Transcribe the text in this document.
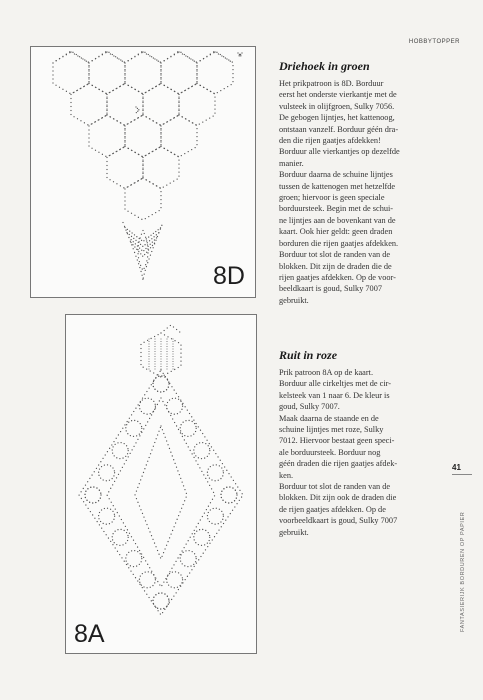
HOBBYTOPPER
8D
8A
Driehoek in groen

Het prikpatroon is 8D. Borduur
eerst het onderste vierkantje met de
vulsteek in olijfgroen, Sulky 7056.
De gebogen lijntjes, het kattenoog,
ontstaan vanzelf. Borduur géén dra-
den die rijen gaatjes afdekken!
Borduur alle vierkantjes op dezelfde
manier.
Borduur daarna de schuine lijntjes
tussen de kattenogen met hetzelfde
groen; hiervoor is geen speciale
borduursteek. Begin met de schui-
ne lijntjes aan de bovenkant van de
kaart. Ook hier geldt: geen draden
borduren die rijen gaatjes afdekken.
Borduur tot slot de randen van de
blokken. Dit zijn de draden die de
rijen gaatjes afdekken. Op de voor-
beeldkaart is goud, Sulky 7007
gebruikt.

Ruit in roze

Prik patroon 8A op de kaart.
Borduur alle cirkeltjes met de cir-
kelsteek van 1 naar 6. De kleur is
goud, Sulky 7007.
Maak daarna de staande en de
schuine lijntjes met roze, Sulky
7012. Hiervoor bestaat geen speci-
ale borduursteek. Borduur nog
géén draden die rijen gaatjes afdek-
ken.
Borduur tot slot de randen van de
blokken. Dit zijn ook de draden die
de rijen gaatjes afdekken. Op de
voorbeeldkaart is goud, Sulky 7007
gebruikt.

41
FANTASIERIJK BORDUREN OP PAPIER
